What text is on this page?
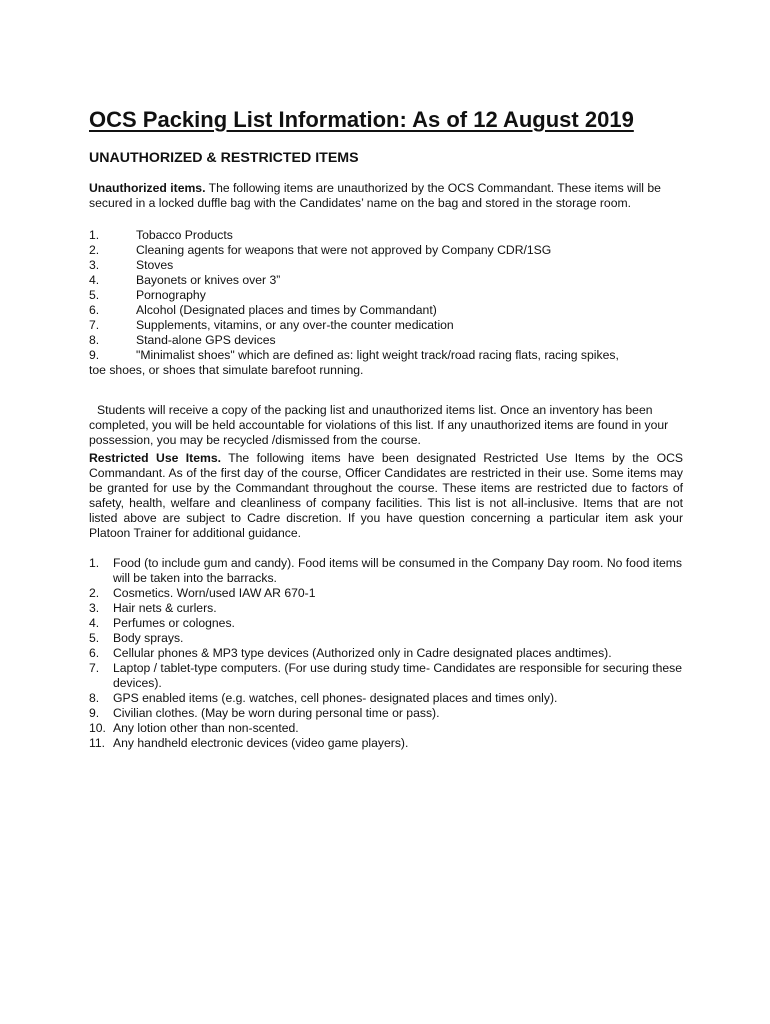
OCS Packing List Information: As of 12 August 2019
UNAUTHORIZED & RESTRICTED ITEMS

Unauthorized items. The following items are unauthorized by the OCS Commandant. These items will be secured in a locked duffle bag with the Candidates’ name on the bag and stored in the storage room.

1.	Tobacco Products
2.	Cleaning agents for weapons that were not approved by Company CDR/1SG
3.	Stoves
4.	Bayonets or knives over 3”
5.	Pornography
6.	Alcohol (Designated places and times by Commandant)
7.	Supplements, vitamins, or any over-the counter medication
8.	Stand-alone GPS devices
9.	"Minimalist shoes" which are defined as: light weight track/road racing flats, racing spikes,
toe shoes, or shoes that simulate barefoot running.

Students will receive a copy of the packing list and unauthorized items list. Once an inventory has been completed, you will be held accountable for violations of this list. If any unauthorized items are found in your possession, you may be recycled /dismissed from the course.

Restricted Use Items. The following items have been designated Restricted Use Items by the OCS Commandant. As of the first day of the course, Officer Candidates are restricted in their use. Some items may be granted for use by the Commandant throughout the course. These items are restricted due to factors of safety, health, welfare and cleanliness of company facilities. This list is not all-inclusive. Items that are not listed above are subject to Cadre discretion. If you have question concerning a particular item ask your Platoon Trainer for additional guidance.

1. Food (to include gum and candy). Food items will be consumed in the Company Day room. No food items will be taken into the barracks.
2. Cosmetics. Worn/used IAW AR 670-1
3. Hair nets & curlers.
4. Perfumes or colognes.
5. Body sprays.
6. Cellular phones & MP3 type devices (Authorized only in Cadre designated places andtimes).
7. Laptop / tablet-type computers. (For use during study time- Candidates are responsible for securing these devices).
8. GPS enabled items (e.g. watches, cell phones- designated places and times only).
9. Civilian clothes. (May be worn during personal time or pass).
10. Any lotion other than non-scented.
11. Any handheld electronic devices (video game players).
